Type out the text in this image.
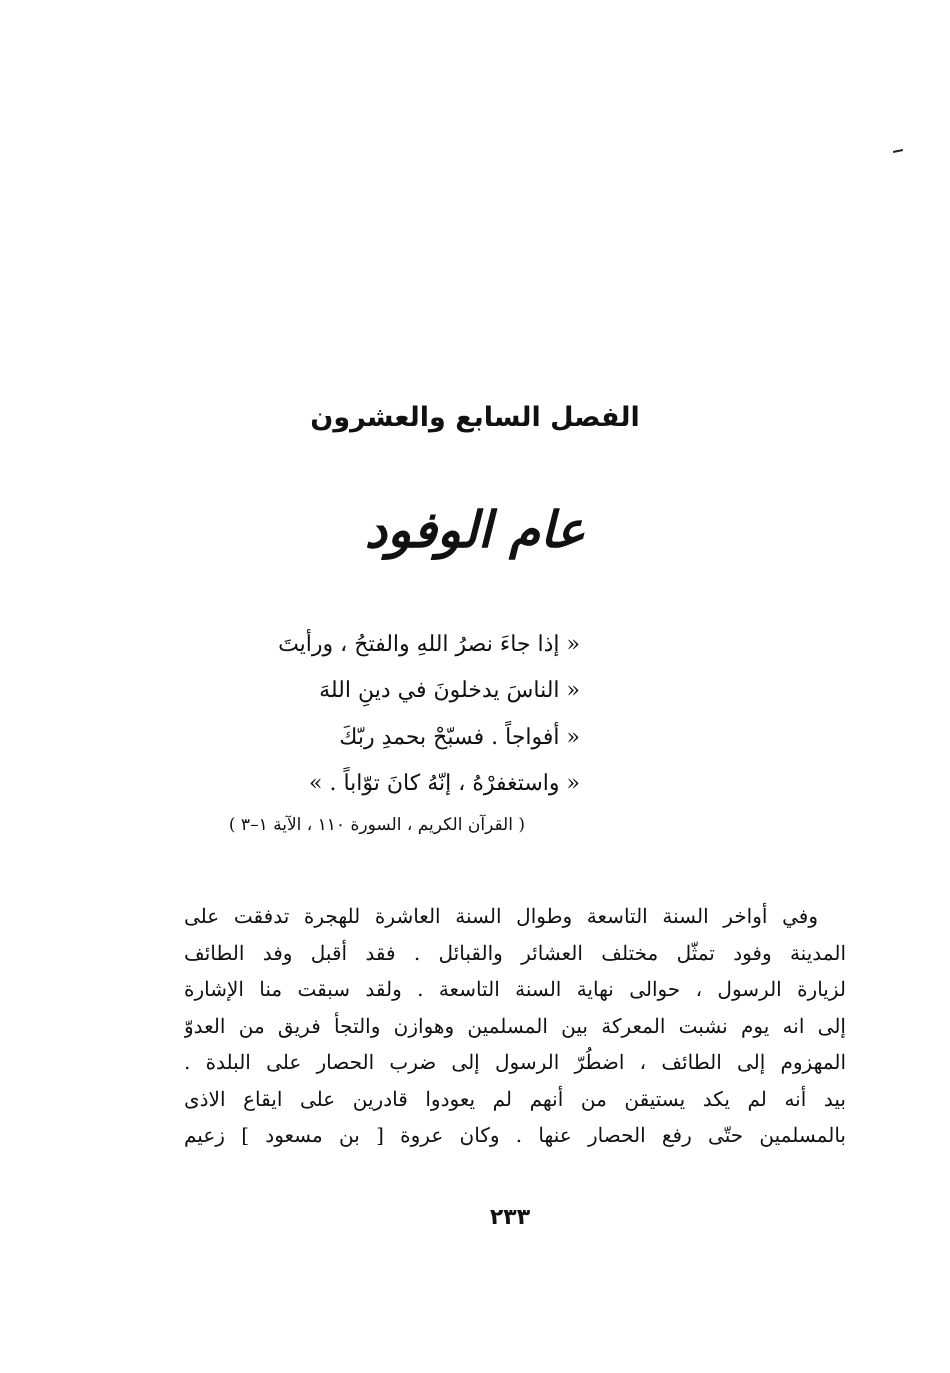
الفصل السابع والعشرون
عام الوفود
« إذا جاءَ نصرُ اللهِ والفتحُ ، ورأيتَ
« الناسَ يدخلونَ في دينِ اللهَ
« أفواجاً . فسبّحْ بحمدِ ربّكَ
« واستغفرْهُ ، إنّهُ كانَ توّاباً . »
( القرآن الكريم ، السورة ١١٠ ، الآية ١–٣ )
وفي أواخر السنة التاسعة وطوال السنة العاشرة للهجرة تدفقت على
المدينة وفود تمثّل مختلف العشائر والقبائل . فقد أقبل وفد الطائف
لزيارة الرسول ، حوالى نهاية السنة التاسعة . ولقد سبقت منا الإشارة
إلى انه يوم نشبت المعركة بين المسلمين وهوازن والتجأ فريق من العدوّ
المهزوم إلى الطائف ، اضطُرّ الرسول إلى ضرب الحصار على البلدة .
بيد أنه لم يكد يستيقن من أنهم لم يعودوا قادرين على ايقاع الاذى
بالمسلمين حتّى رفع الحصار عنها . وكان عروة [ بن مسعود ] زعيم
٢٣٣
